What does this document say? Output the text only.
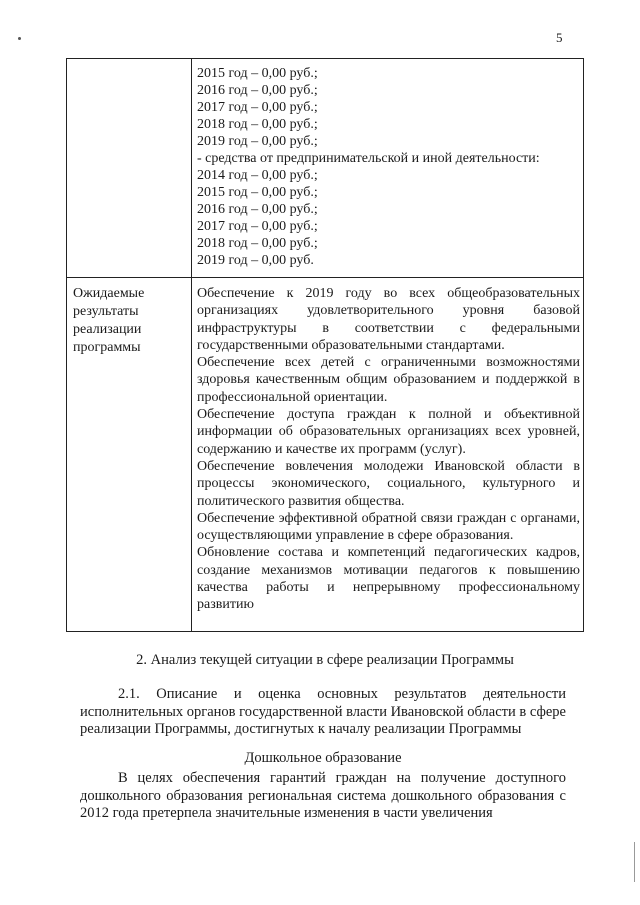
5
2015 год – 0,00 руб.;
2016 год – 0,00 руб.;
2017 год – 0,00 руб.;
2018 год – 0,00 руб.;
2019 год – 0,00 руб.;
- средства от предпринимательской и иной деятельности:
2014 год – 0,00 руб.;
2015 год – 0,00 руб.;
2016 год – 0,00 руб.;
2017 год – 0,00 руб.;
2018 год – 0,00 руб.;
2019 год – 0,00 руб.
Ожидаемые результаты реализации программы

Обеспечение к 2019 году во всех общеобразовательных организациях удовлетворительного уровня базовой инфраструктуры в соответствии с федеральными государственными образовательными стандартами.

Обеспечение всех детей с ограниченными возможностями здоровья качественным общим образованием и поддержкой в профессиональной ориентации.

Обеспечение доступа граждан к полной и объективной информации об образовательных организациях всех уровней, содержанию и качестве их программ (услуг).

Обеспечение вовлечения молодежи Ивановской области в процессы экономического, социального, культурного и политического развития общества.

Обеспечение эффективной обратной связи граждан с органами, осуществляющими управление в сфере образования.

Обновление состава и компетенций педагогических кадров, создание механизмов мотивации педагогов к повышению качества работы и непрерывному профессиональному развитию

2. Анализ текущей ситуации в сфере реализации Программы

2.1. Описание и оценка основных результатов деятельности исполнительных органов государственной власти Ивановской области в сфере реализации Программы, достигнутых к началу реализации Программы

Дошкольное образование

В целях обеспечения гарантий граждан на получение доступного дошкольного образования региональная система дошкольного образования с 2012 года претерпела значительные изменения в части увеличения
